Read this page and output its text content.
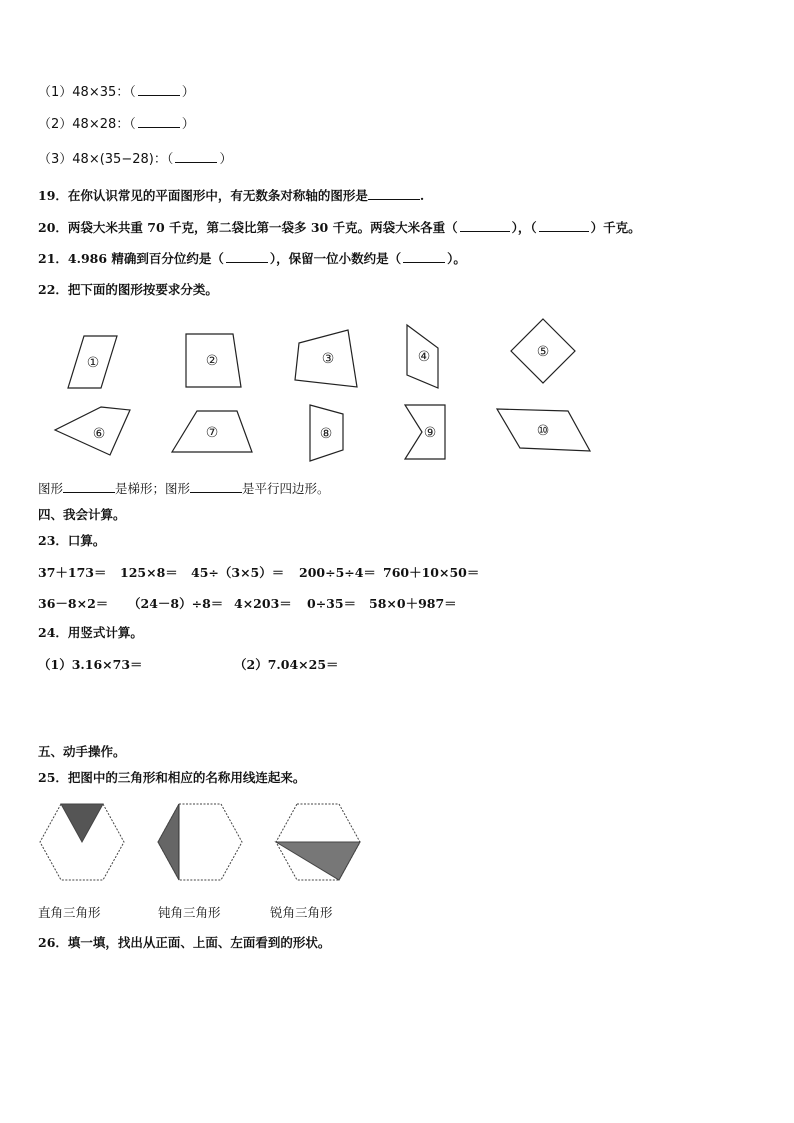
（1）48×35：（	）
（2）48×28：（	）
（3）48×(35−28)：（	）
19．在你认识常见的平面图形中，有无数条对称轴的图形是	.
20．两袋大米共重 70 千克，第二袋比第一袋多 30 千克。两袋大米各重（	），（	）千克。
21．4.986 精确到百分位约是（	），保留一位小数约是（	）。
22．把下面的图形按要求分类。
①	②	③	④	⑤
⑥	⑦	⑧	⑨	⑩
图形	是梯形；图形	是平行四边形。
四、我会计算。
23．口算。
37＋173＝ 125×8＝ 45÷（3×5）＝ 200÷5÷4＝ 760＋10×50＝
36－8×2＝ （24－8）÷8＝ 4×203＝ 0÷35＝ 58×0＋987＝
24．用竖式计算。
（1）3.16×73＝	（2）7.04×25＝
五、动手操作。
25．把图中的三角形和相应的名称用线连起来。
直角三角形	钝角三角形	锐角三角形
26．填一填，找出从正面、上面、左面看到的形状。
